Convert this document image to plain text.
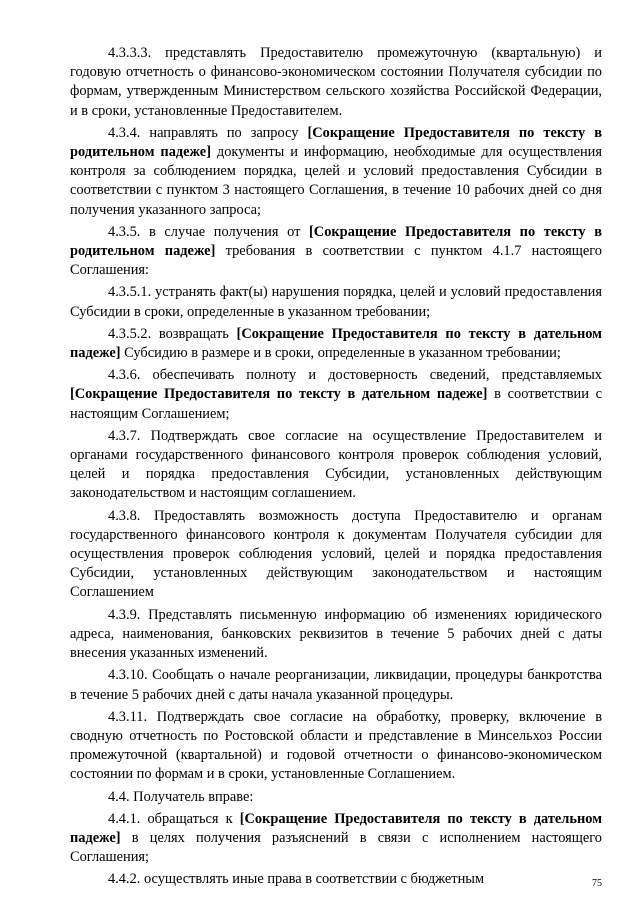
4.3.3.3. представлять Предоставителю промежуточную (квартальную) и годовую отчетность о финансово-экономическом состоянии Получателя субсидии по формам, утвержденным Министерством сельского хозяйства Российской Федерации, и в сроки, установленные Предоставителем.

4.3.4. направлять по запросу [Сокращение Предоставителя по тексту в родительном падеже] документы и информацию, необходимые для осуществления контроля за соблюдением порядка, целей и условий предоставления Субсидии в соответствии с пунктом 3 настоящего Соглашения, в течение 10 рабочих дней со дня получения указанного запроса;

4.3.5. в случае получения от [Сокращение Предоставителя по тексту в родительном падеже] требования в соответствии с пунктом 4.1.7 настоящего Соглашения:

4.3.5.1. устранять факт(ы) нарушения порядка, целей и условий предоставления Субсидии в сроки, определенные в указанном требовании;

4.3.5.2. возвращать [Сокращение Предоставителя по тексту в дательном падеже] Субсидию в размере и в сроки, определенные в указанном требовании;

4.3.6. обеспечивать полноту и достоверность сведений, представляемых [Сокращение Предоставителя по тексту в дательном падеже] в соответствии с настоящим Соглашением;

4.3.7. Подтверждать свое согласие на осуществление Предоставителем и органами государственного финансового контроля проверок соблюдения условий, целей и порядка предоставления Субсидии, установленных действующим законодательством и настоящим соглашением.

4.3.8. Предоставлять возможность доступа Предоставителю и органам государственного финансового контроля к документам Получателя субсидии для осуществления проверок соблюдения условий, целей и порядка предоставления Субсидии, установленных действующим законодательством и настоящим Соглашением

4.3.9. Представлять письменную информацию об изменениях юридического адреса, наименования, банковских реквизитов в течение 5 рабочих дней с даты внесения указанных изменений.

4.3.10. Сообщать о начале реорганизации, ликвидации, процедуры банкротства в течение 5 рабочих дней с даты начала указанной процедуры.

4.3.11. Подтверждать свое согласие на обработку, проверку, включение в сводную отчетность по Ростовской области и представление в Минсельхоз России промежуточной (квартальной) и годовой отчетности о финансово-экономическом состоянии по формам и в сроки, установленные Соглашением.

4.4. Получатель вправе:

4.4.1. обращаться к [Сокращение Предоставителя по тексту в дательном падеже] в целях получения разъяснений в связи с исполнением настоящего Соглашения;

4.4.2. осуществлять иные права в соответствии с бюджетным	75
